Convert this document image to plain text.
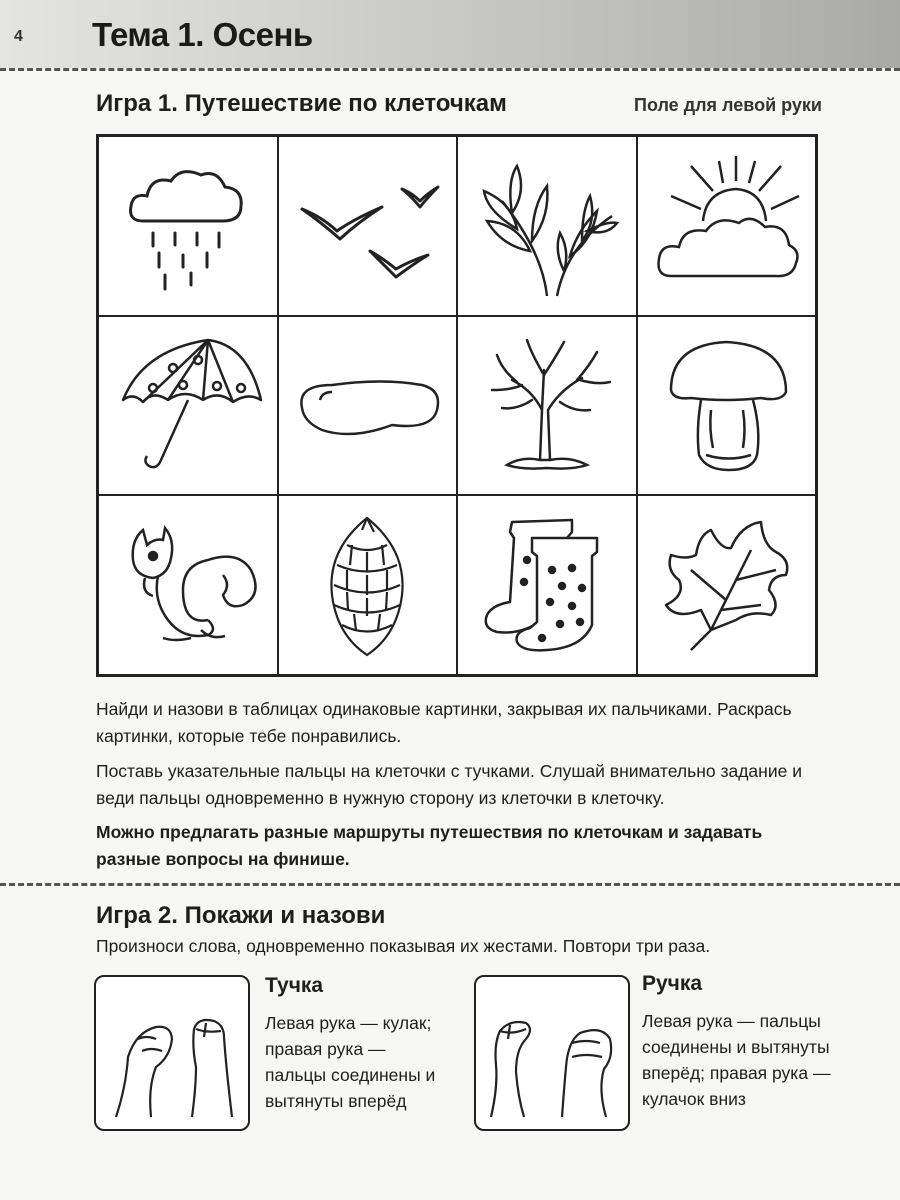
4 Тема 1. Осень
Игра 1. Путешествие по клеточкам	Поле для левой руки
Найди и назови в таблицах одинаковые картинки, закрывая их пальчиками. Раскрась картинки, которые тебе понравились.
Поставь указательные пальцы на клеточки с тучками. Слушай внимательно задание и веди пальцы одновременно в нужную сторону из клеточки в клеточку.
Можно предлагать разные маршруты путешествия по клеточкам и задавать разные вопросы на финише.
Игра 2. Покажи и назови
Произноси слова, одновременно показывая их жестами. Повтори три раза.
Тучка
Левая рука — кулак; правая рука — пальцы соединены и вытянуты вперёд
Ручка
Левая рука — пальцы соединены и вытянуты вперёд; правая рука — кулачок вниз
